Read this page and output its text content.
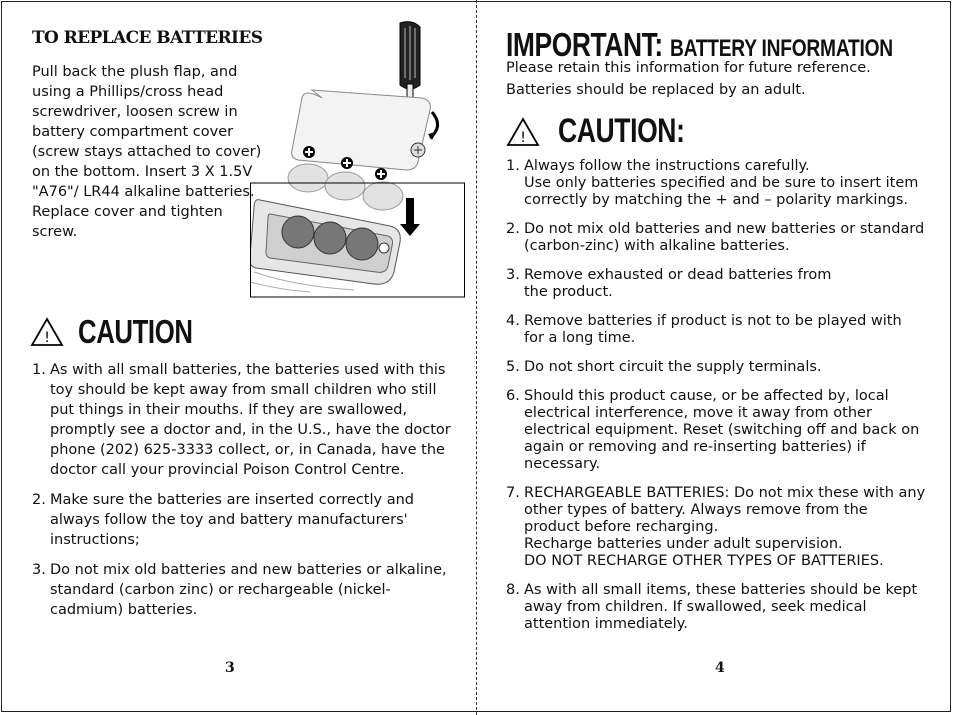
TO REPLACE BATTERIES

Pull back the plush flap, and using a Phillips/cross head screwdriver, loosen screw in battery compartment cover (screw stays attached to cover) on the bottom. Insert 3 X 1.5V "A76"/ LR44 alkaline batteries. Replace cover and tighten screw.

! CAUTION
1. As with all small batteries, the batteries used with this toy should be kept away from small children who still put things in their mouths. If they are swallowed, promptly see a doctor and, in the U.S., have the doctor phone (202) 625-3333 collect, or, in Canada, have the doctor call your provincial Poison Control Centre.
2. Make sure the batteries are inserted correctly and always follow the toy and battery manufacturers' instructions;
3. Do not mix old batteries and new batteries or alkaline, standard (carbon zinc) or rechargeable (nickel-cadmium) batteries.
3
IMPORTANT: BATTERY INFORMATION

Please retain this information for future reference.

Batteries should be replaced by an adult.

! CAUTION:
1. Always follow the instructions carefully.
Use only batteries specified and be sure to insert item correctly by matching the + and – polarity markings.
2. Do not mix old batteries and new batteries or standard (carbon-zinc) with alkaline batteries.
3. Remove exhausted or dead batteries from
the product.
4. Remove batteries if product is not to be played with for a long time.
5. Do not short circuit the supply terminals.
6. Should this product cause, or be affected by, local electrical interference, move it away from other electrical equipment. Reset (switching off and back on again or removing and re-inserting batteries) if necessary.
7. RECHARGEABLE BATTERIES: Do not mix these with any other types of battery. Always remove from the product before recharging.
Recharge batteries under adult supervision.
DO NOT RECHARGE OTHER TYPES OF BATTERIES.
8. As with all small items, these batteries should be kept away from children. If swallowed, seek medical attention immediately.
4
